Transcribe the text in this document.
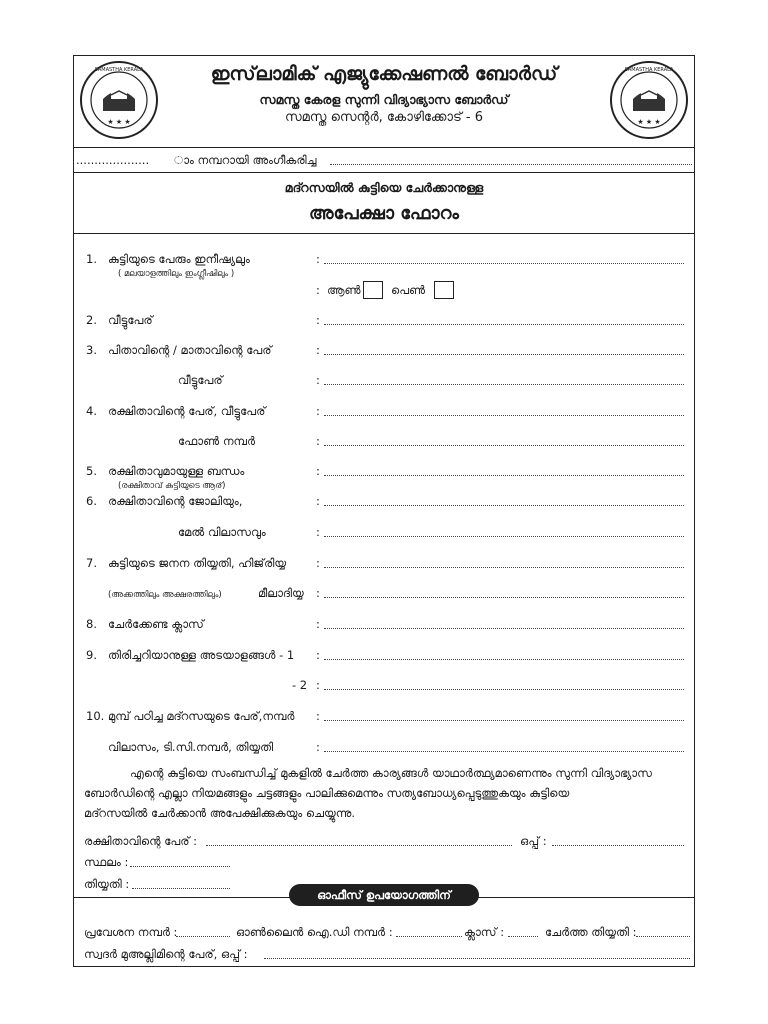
★ ★ ★
SAMASTHA KERALA
★ ★ ★
SAMASTHA KERALA
ഇസ്‌ലാമിക് എജ്യുക്കേഷണൽ ബോർഡ്
സമസ്ത കേരള സുന്നി വിദ്യാഭ്യാസ ബോർഡ്
സമസ്ത സെന്റർ, കോഴിക്കോട് - 6
.................... ാം നമ്പറായി അംഗീകരിച്ച
മദ്റസയിൽ കുട്ടിയെ ചേർക്കാനുള്ള
അപേക്ഷാ ഫോറം
1. കുട്ടിയുടെ പേരും ഇനീഷ്യലും
( മലയാളത്തിലും ഇംഗ്ലീഷിലും )
:
: ആൺ	പെൺ
2. വീട്ടുപേര്	:
3. പിതാവിന്റെ / മാതാവിന്റെ പേര്	:
വീട്ടുപേര്	:
4. രക്ഷിതാവിന്റെ പേര്, വീട്ടുപേര്	:
ഫോൺ നമ്പർ	:
5. രക്ഷിതാവുമായുള്ള ബന്ധം
(രക്ഷിതാവ് കുട്ടിയുടെ ആര്)
:
6. രക്ഷിതാവിന്റെ ജോലിയും,	:
മേൽ വിലാസവും	:
7. കുട്ടിയുടെ ജനന തിയ്യതി, ഹിജ്‌രിയ്യ	:
(അക്കത്തിലും അക്ഷരത്തിലും)	മീലാദിയ്യ :
8. ചേർക്കേണ്ട ക്ലാസ്	:
9. തിരിച്ചറിയാനുള്ള അടയാളങ്ങൾ - 1 :
- 2 :
10. മുമ്പ് പഠിച്ച മദ്റസയുടെ പേര്,നമ്പർ :
വിലാസം, ടി.സി.നമ്പർ, തിയ്യതി	:
എന്റെ കുട്ടിയെ സംബന്ധിച്ച് മുകളിൽ ചേർത്ത കാര്യങ്ങൾ യാഥാർത്ഥ്യമാണെന്നും സുന്നി വിദ്യാഭ്യാസ
ബോർഡിന്റെ എല്ലാ നിയമങ്ങളും ചട്ടങ്ങളും പാലിക്കുമെന്നും സത്യബോധ്യപ്പെടുത്തുകയും കുട്ടിയെ
മദ്റസയിൽ ചേർക്കാൻ അപേക്ഷിക്കുകയും ചെയ്യുന്നു.
രക്ഷിതാവിന്റെ പേര് :	ഒപ്പ് :
സ്ഥലം :
തിയ്യതി :
ഓഫീസ് ഉപയോഗത്തിന്
പ്രവേശന നമ്പർ :	ഓൺലൈൻ ഐ.ഡി നമ്പർ :	ക്ലാസ് :	ചേർത്ത തിയ്യതി :
സ്വദർ മുഅല്ലിമിന്റെ പേര്, ഒപ്പ് :
